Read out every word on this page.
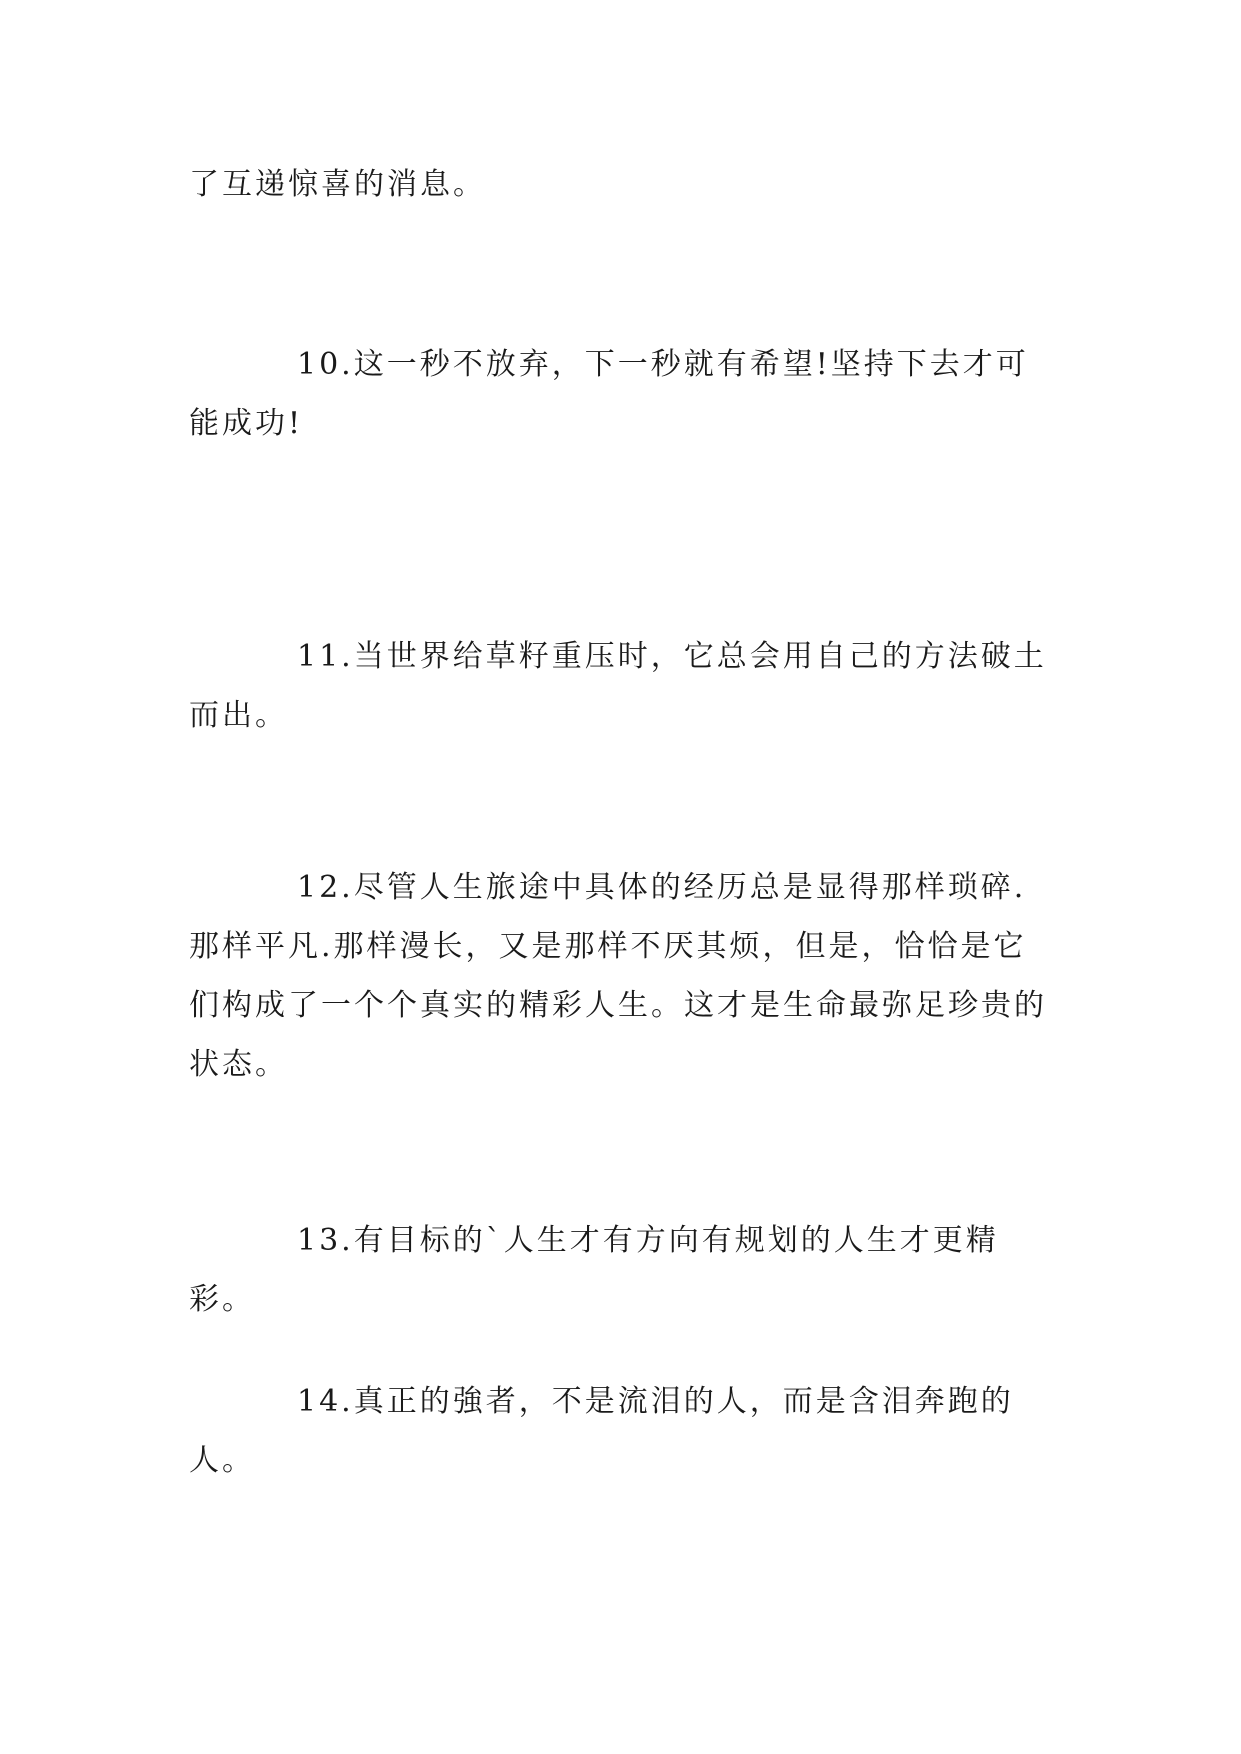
了互递惊喜的消息。

10.这一秒不放弃，下一秒就有希望!坚持下去才可能成功!

11.当世界给草籽重压时，它总会用自己的方法破土而出。

12.尽管人生旅途中具体的经历总是显得那样琐碎.那样平凡.那样漫长，又是那样不厌其烦，但是，恰恰是它们构成了一个个真实的精彩人生。这才是生命最弥足珍贵的状态。

13.有目标的`人生才有方向有规划的人生才更精彩。

14.真正的強者，不是流泪的人，而是含泪奔跑的人。
